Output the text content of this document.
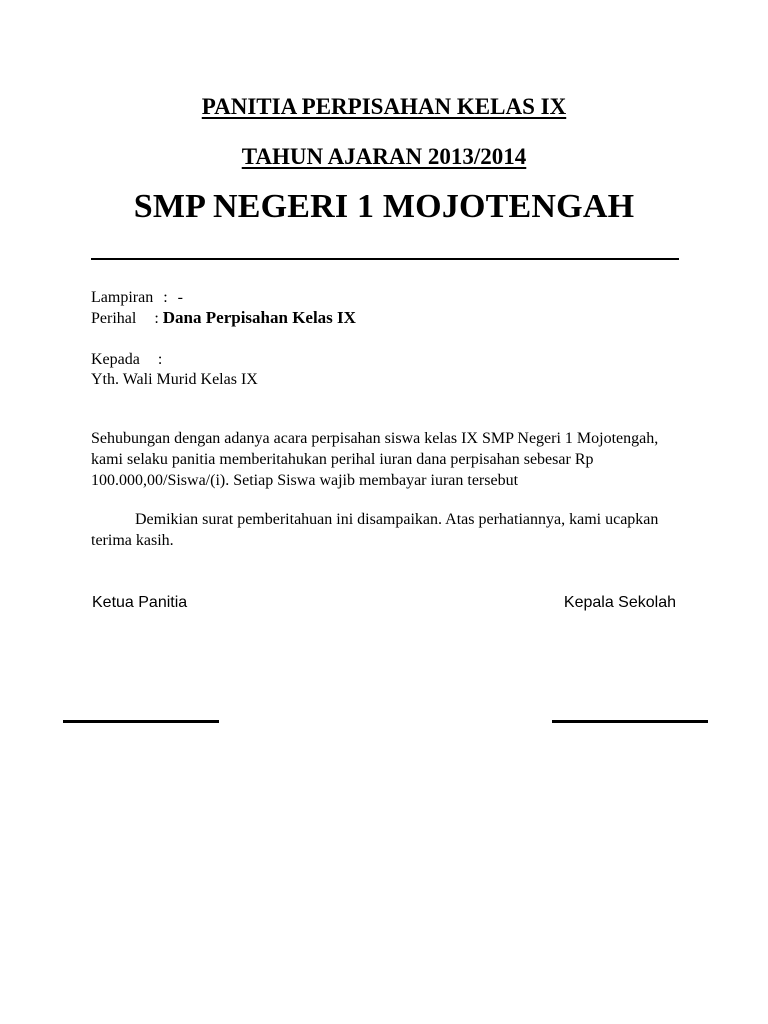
PANITIA PERPISAHAN KELAS IX
TAHUN AJARAN 2013/2014
SMP NEGERI 1 MOJOTENGAH
Lampiran : -
Perihal : Dana Perpisahan Kelas IX
Kepada :
Yth. Wali Murid Kelas IX

Sehubungan dengan adanya acara perpisahan siswa kelas IX SMP Negeri 1 Mojotengah, kami selaku panitia memberitahukan perihal iuran dana perpisahan sebesar Rp 100.000,00/Siswa/(i). Setiap Siswa wajib membayar iuran tersebut

Demikian surat pemberitahuan ini disampaikan. Atas perhatiannya, kami ucapkan terima kasih.

Ketua Panitia	Kepala Sekolah
